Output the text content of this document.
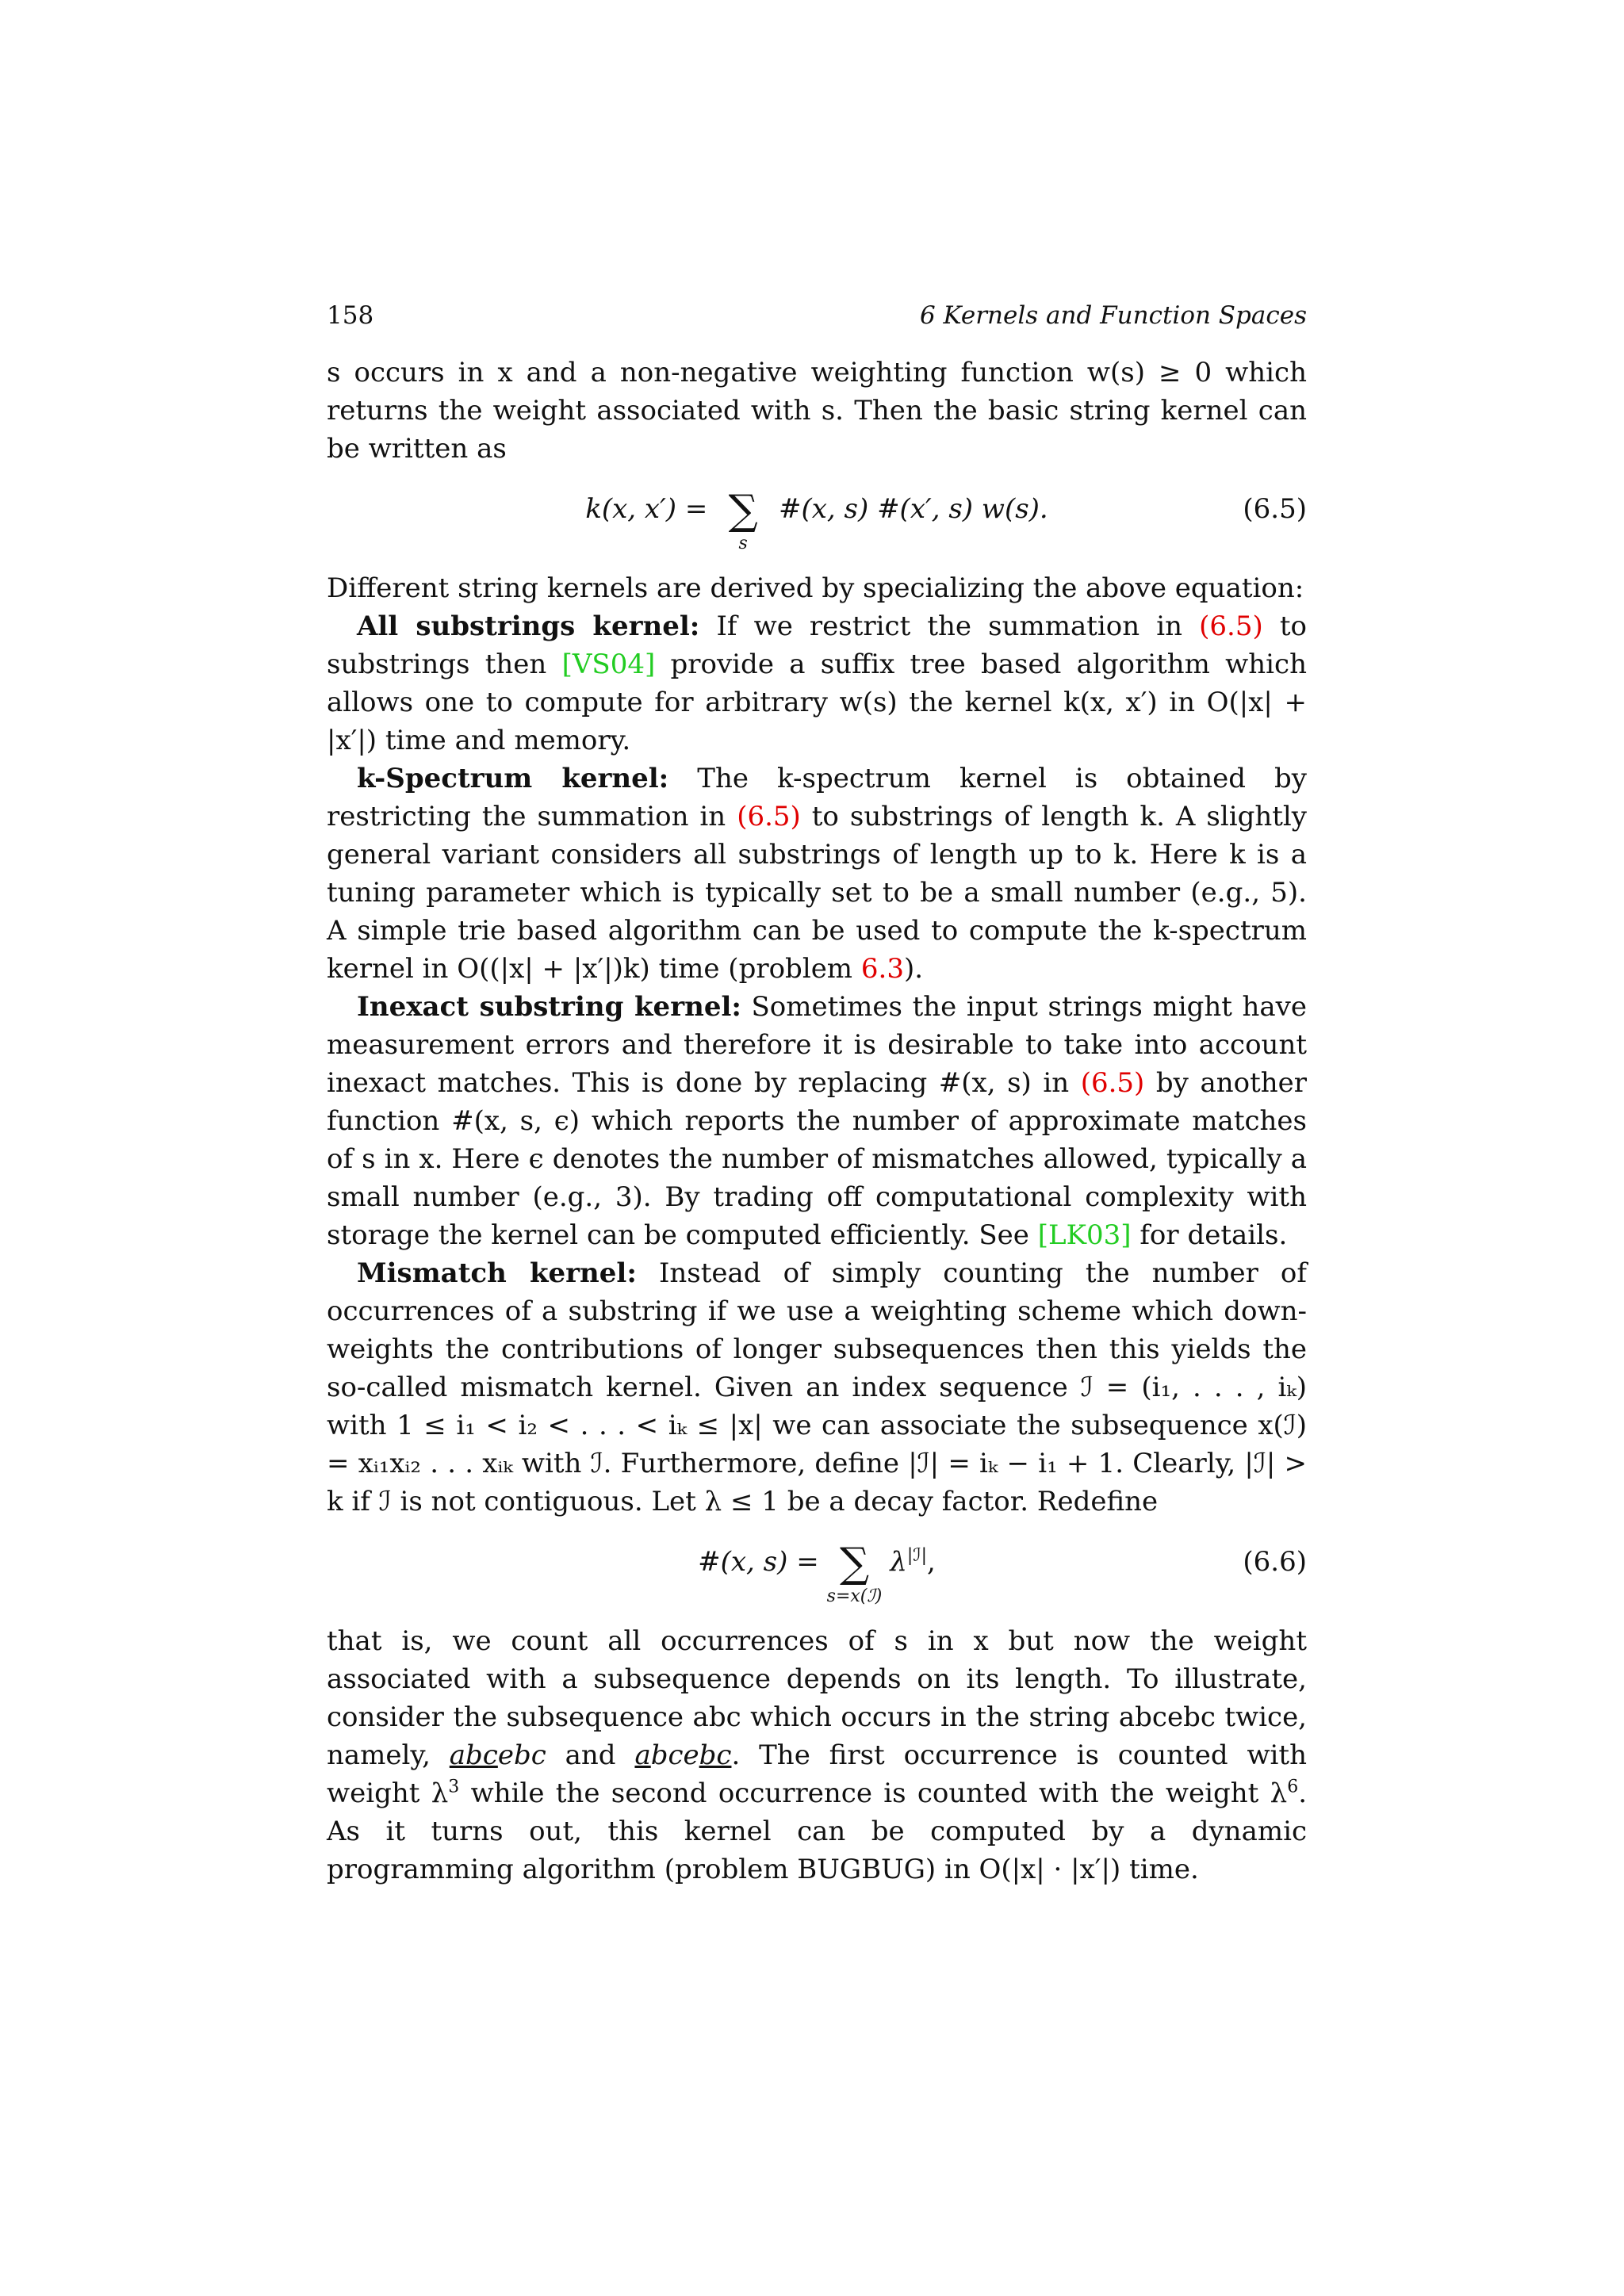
158	6 Kernels and Function Spaces

s occurs in x and a non-negative weighting function w(s) ≥ 0 which returns the weight associated with s. Then the basic string kernel can be written as

k(x, x′) = ∑
s
#(x, s) #(x′, s) w(s).	(6.5)

Different string kernels are derived by specializing the above equation:

All substrings kernel: If we restrict the summation in (6.5) to substrings then [VS04] provide a suffix tree based algorithm which allows one to compute for arbitrary w(s) the kernel k(x, x′) in O(|x| + |x′|) time and memory.

k-Spectrum kernel: The k-spectrum kernel is obtained by restricting the summation in (6.5) to substrings of length k. A slightly general variant considers all substrings of length up to k. Here k is a tuning parameter which is typically set to be a small number (e.g., 5). A simple trie based algorithm can be used to compute the k-spectrum kernel in O((|x| + |x′|)k) time (problem 6.3).

Inexact substring kernel: Sometimes the input strings might have measurement errors and therefore it is desirable to take into account inexact matches. This is done by replacing #(x, s) in (6.5) by another function #(x, s, ϵ) which reports the number of approximate matches of s in x. Here ϵ denotes the number of mismatches allowed, typically a small number (e.g., 3). By trading off computational complexity with storage the kernel can be computed efficiently. See [LK03] for details.

Mismatch kernel: Instead of simply counting the number of occurrences of a substring if we use a weighting scheme which down-weights the contributions of longer subsequences then this yields the so-called mismatch kernel. Given an index sequence ℐ = (i₁, . . . , iₖ) with 1 ≤ i₁ < i₂ < . . . < iₖ ≤ |x| we can associate the subsequence x(ℐ) = xᵢ₁xᵢ₂ . . . xᵢₖ with ℐ. Furthermore, define |ℐ| = iₖ − i₁ + 1. Clearly, |ℐ| > k if ℐ is not contiguous. Let λ ≤ 1 be a decay factor. Redefine

#(x, s) = ∑
s=x(ℐ)
$\lambda^{|ℐ|}$,	(6.6)

that is, we count all occurrences of s in x but now the weight associated with a subsequence depends on its length. To illustrate, consider the subsequence abc which occurs in the string abcebc twice, namely, abcebc and abcebc. The first occurrence is counted with weight $\lambda^3$ while the second occurrence is counted with the weight $\lambda^6$. As it turns out, this kernel can be computed by a dynamic programming algorithm (problem BUGBUG) in O(|x| · |x′|) time.
